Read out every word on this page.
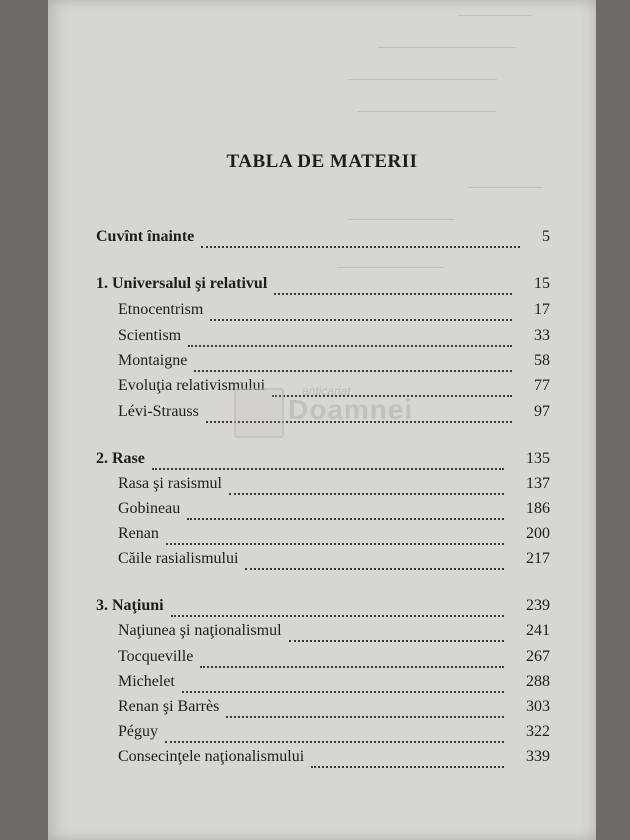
───────
─────────────
──────────────
─────────────
───────
──────────
──────────
TABLA DE MATERII
Cuvînt înainte	5
1. Universalul şi relativul	15
Etnocentrism	17
Scientism	33
Montaigne	58
Evoluţia relativismului	77
Lévi-Strauss	97
2. Rase	135
Rasa şi rasismul	137
Gobineau	186
Renan	200
Căile rasialismului	217
3. Naţiuni	239
Naţiunea şi naţionalismul	241
Tocqueville	267
Michelet	288
Renan şi Barrès	303
Péguy	322
Consecinţele naţionalismului	339
anticariat
Doamnei
